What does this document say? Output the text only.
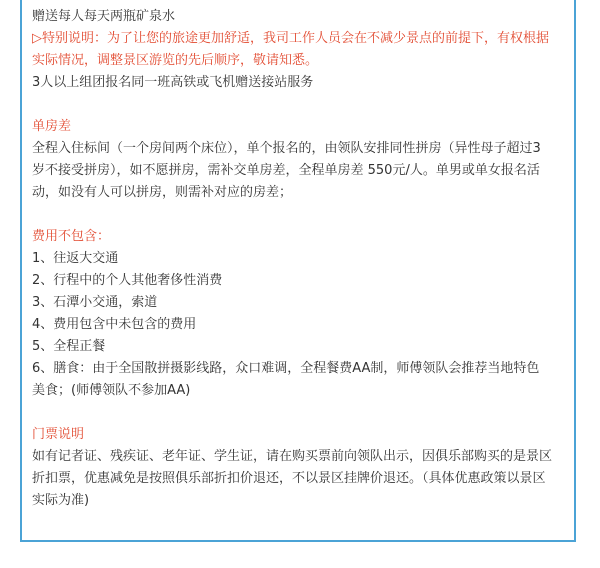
赠送每人每天两瓶矿泉水
▷特别说明：为了让您的旅途更加舒适，我司工作人员会在不减少景点的前提下，有权根据
实际情况，调整景区游览的先后顺序，敬请知悉。
3人以上组团报名同一班高铁或飞机赠送接站服务
单房差
全程入住标间（一个房间两个床位），单个报名的，由领队安排同性拼房（异性母子超过3
岁不接受拼房），如不愿拼房，需补交单房差，全程单房差 550元/人。单男或单女报名活
动，如没有人可以拼房，则需补对应的房差；
费用不包含：
1、往返大交通
2、行程中的个人其他奢侈性消费
3、石潭小交通，索道
4、费用包含中未包含的费用
5、全程正餐
6、膳食：由于全国散拼摄影线路，众口难调，全程餐费AA制，师傅领队会推荐当地特色
美食；(师傅领队不参加AA)
门票说明
如有记者证、残疾证、老年证、学生证，请在购买票前向领队出示，因俱乐部购买的是景区
折扣票，优惠减免是按照俱乐部折扣价退还，不以景区挂牌价退还。（具体优惠政策以景区
实际为准)
